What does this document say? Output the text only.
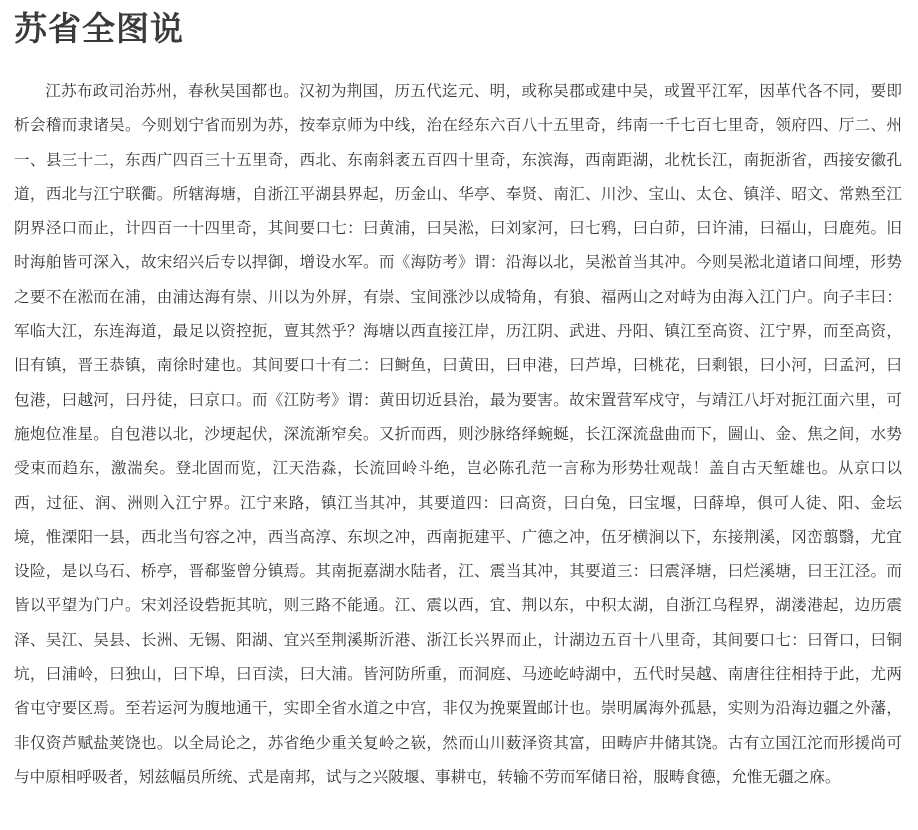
苏省全图说

江苏布政司治苏州，春秋吴国都也。汉初为荆国，历五代迄元、明，或称吴郡或建中吴，或置平江军，因革代各不同，要即析会稽而隶诸吴。今则划宁省而别为苏，按奉京师为中线，治在经东六百八十五里奇，纬南一千七百七里奇，领府四、厅二、州一、县三十二，东西广四百三十五里奇，西北、东南斜袤五百四十里奇，东滨海，西南距湖，北枕长江，南扼浙省，西接安徽孔道，西北与江宁联衢。所辖海塘，自浙江平湖县界起，历金山、华亭、奉贤、南汇、川沙、宝山、太仓、镇洋、昭文、常熟至江阴界泾口而止，计四百一十四里奇，其间要口七：曰黄浦，曰吴淞，曰刘家河，曰七鸦，曰白茆，曰许浦，曰福山，曰鹿苑。旧时海舶皆可深入，故宋绍兴后专以捍御，增设水军。而《海防考》谓：沿海以北，吴淞首当其冲。今则吴淞北道诸口间堙，形势之要不在淞而在浦，由浦达海有崇、川以为外屏，有崇、宝间涨沙以成犄角，有狼、福两山之对峙为由海入江门户。向子丰曰：军临大江，东连海道，最足以资控扼，亶其然乎？海塘以西直接江岸，历江阴、武进、丹阳、镇江至高资、江宁界，而至高资，旧有镇，晋王恭镇，南徐时建也。其间要口十有二：曰鲥鱼，曰黄田，曰申港，曰芦埠，曰桃花，曰剩银，曰小河，曰孟河，曰包港，曰越河，曰丹徒，曰京口。而《江防考》谓：黄田切近县治，最为要害。故宋置营军戍守，与靖江八圩对扼江面六里，可施炮位准星。自包港以北，沙埂起伏，深流渐窄矣。又折而西，则沙脉络绎蜿蜒，长江深流盘曲而下，圌山、金、焦之间，水势受束而趋东，激湍矣。登北固而览，江天浩淼，长流回岭斗绝，岂必陈孔范一言称为形势壮观哉！盖自古天堑雄也。从京口以西，过征、润、洲则入江宁界。江宁来路，镇江当其冲，其要道四：曰高资，曰白兔，曰宝堰，曰薛埠，俱可人徒、阳、金坛境，惟溧阳一县，西北当句容之冲，西当高淳、东坝之冲，西南扼建平、广德之冲，伍牙横涧以下，东接荆溪，冈峦翦翳，尤宜设险，是以乌石、桥亭，晋郗鉴曾分镇焉。其南扼嘉湖水陆者，江、震当其冲，其要道三：曰震泽塘，曰烂溪塘，曰王江泾。而皆以平望为门户。宋刘泾设砦扼其吭，则三路不能通。江、震以西，宜、荆以东，中积太湖，自浙江乌程界，湖溇港起，边历震泽、吴江、吴县、长洲、无锡、阳湖、宜兴至荆溪斯沂港、浙江长兴界而止，计湖边五百十八里奇，其间要口七：曰胥口，曰铜坑，曰浦岭，曰独山，曰下埠，曰百渎，曰大浦。皆河防所重，而洞庭、马迹屹峙湖中，五代时吴越、南唐往往相持于此，尤两省屯守要区焉。至若运河为腹地通干，实即全省水道之中宫，非仅为挽粟置邮计也。崇明属海外孤悬，实则为沿海边疆之外藩，非仅资芦赋盐荚饶也。以全局论之，苏省绝少重关复岭之嵚，然而山川薮泽资其富，田畴庐井储其饶。古有立国江沱而形援尚可与中原相呼吸者，矧兹幅员所统、式是南邦，试与之兴陂堰、事耕屯，转输不劳而军储日裕，服畴食德，允惟无疆之庥。
